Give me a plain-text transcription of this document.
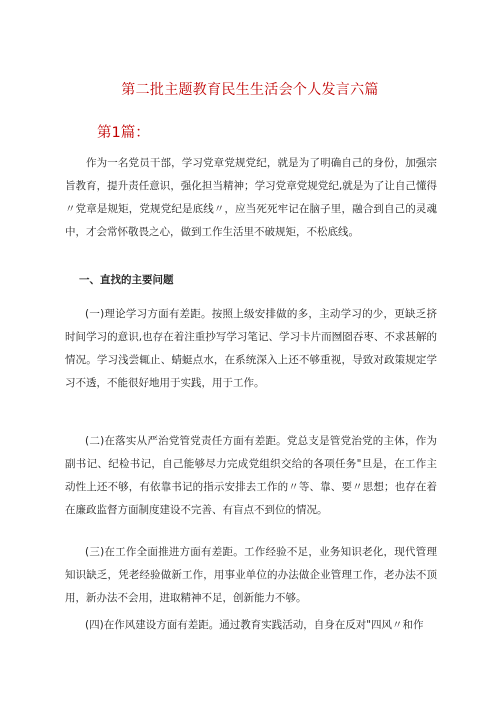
第二批主题教育民生生活会个人发言六篇
第1篇：

作为一名党员干部，学习党章党规党纪，就是为了明确自己的身份，加强宗旨教育，提升责任意识，强化担当精神；学习党章党规党纪,就是为了让自己懂得〃党章是规矩，党规党纪是底线〃，应当死死牢记在脑子里，融合到自己的灵魂中，才会常怀敬畏之心，做到工作生活里不破规矩，不松底线。

一、直找的主要问题

(一)理论学习方面有差距。按照上级安排做的多，主动学习的少，更缺乏挤时间学习的意识,也存在着注重抄写学习笔记、学习卡片而囫囵吞枣、不求甚解的情况。学习浅尝辄止、蜻蜓点水，在系统深入上还不够重视，导致对政策规定学习不透，不能很好地用于实践，用于工作。

(二)在落实从严治党管党责任方面有差距。党总支是管党治党的主体，作为副书记、纪检书记，自己能够尽力完成党组织交给的各项任务"旦是，在工作主动性上还不够，有依靠书记的指示安排去工作的〃等、靠、要〃思想；也存在着在廉政监督方面制度建设不完善、有盲点不到位的情况。

(三)在工作全面推进方面有差距。工作经验不足，业务知识老化，现代管理知识缺乏，凭老经验做新工作，用事业单位的办法做企业管理工作，老办法不顶用，新办法不会用，进取精神不足，创新能力不够。

(四)在作风建设方面有差距。通过教育实践活动，自身在反对"四风〃和作
